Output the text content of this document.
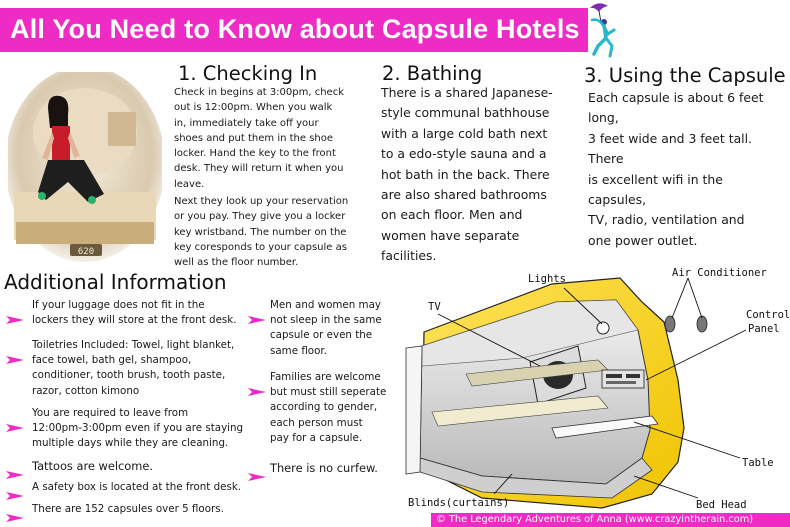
All You Need to Know about Capsule Hotels
620
1. Checking In
Check in begins at 3:00pm, check
out is 12:00pm. When you walk
in, immediately take off your
shoes and put them in the shoe
locker. Hand the key to the front
desk. They will return it when you
leave.
Next they look up your reservation
or you pay. They give you a locker
key wristband. The number on the
key coresponds to your capsule as
well as the floor number.
2. Bathing
There is a shared Japanese-
style communal bathhouse
with a large cold bath next
to a edo-style sauna and a
hot bath in the back. There
are also shared bathrooms
on each floor. Men and
women have separate
facilities.
3. Using the Capsule
Each capsule is about 6 feet
long,
3 feet wide and 3 feet tall.
There
is excellent wifi in the
capsules,
TV, radio, ventilation and
one power outlet.
Additional Information
If your luggage does not fit in the
lockers they will store at the front desk.
Toiletries Included: Towel, light blanket,
face towel, bath gel, shampoo,
conditioner, tooth brush, tooth paste,
razor, cotton kimono
You are required to leave from
12:00pm-3:00pm even if you are staying
multiple days while they are cleaning.
Tattoos are welcome.
A safety box is located at the front desk.
There are 152 capsules over 5 floors.
Men and women may
not sleep in the same
capsule or even the
same floor.
Families are welcome
but must still seperate
according to gender,
each person must
pay for a capsule.
There is no curfew.
Lights	Air Conditioner
TV
Control
Panel
Table
Blinds(curtains)	Bed Head
© The Legendary Adventures of Anna (www.crazyintherain.com)
